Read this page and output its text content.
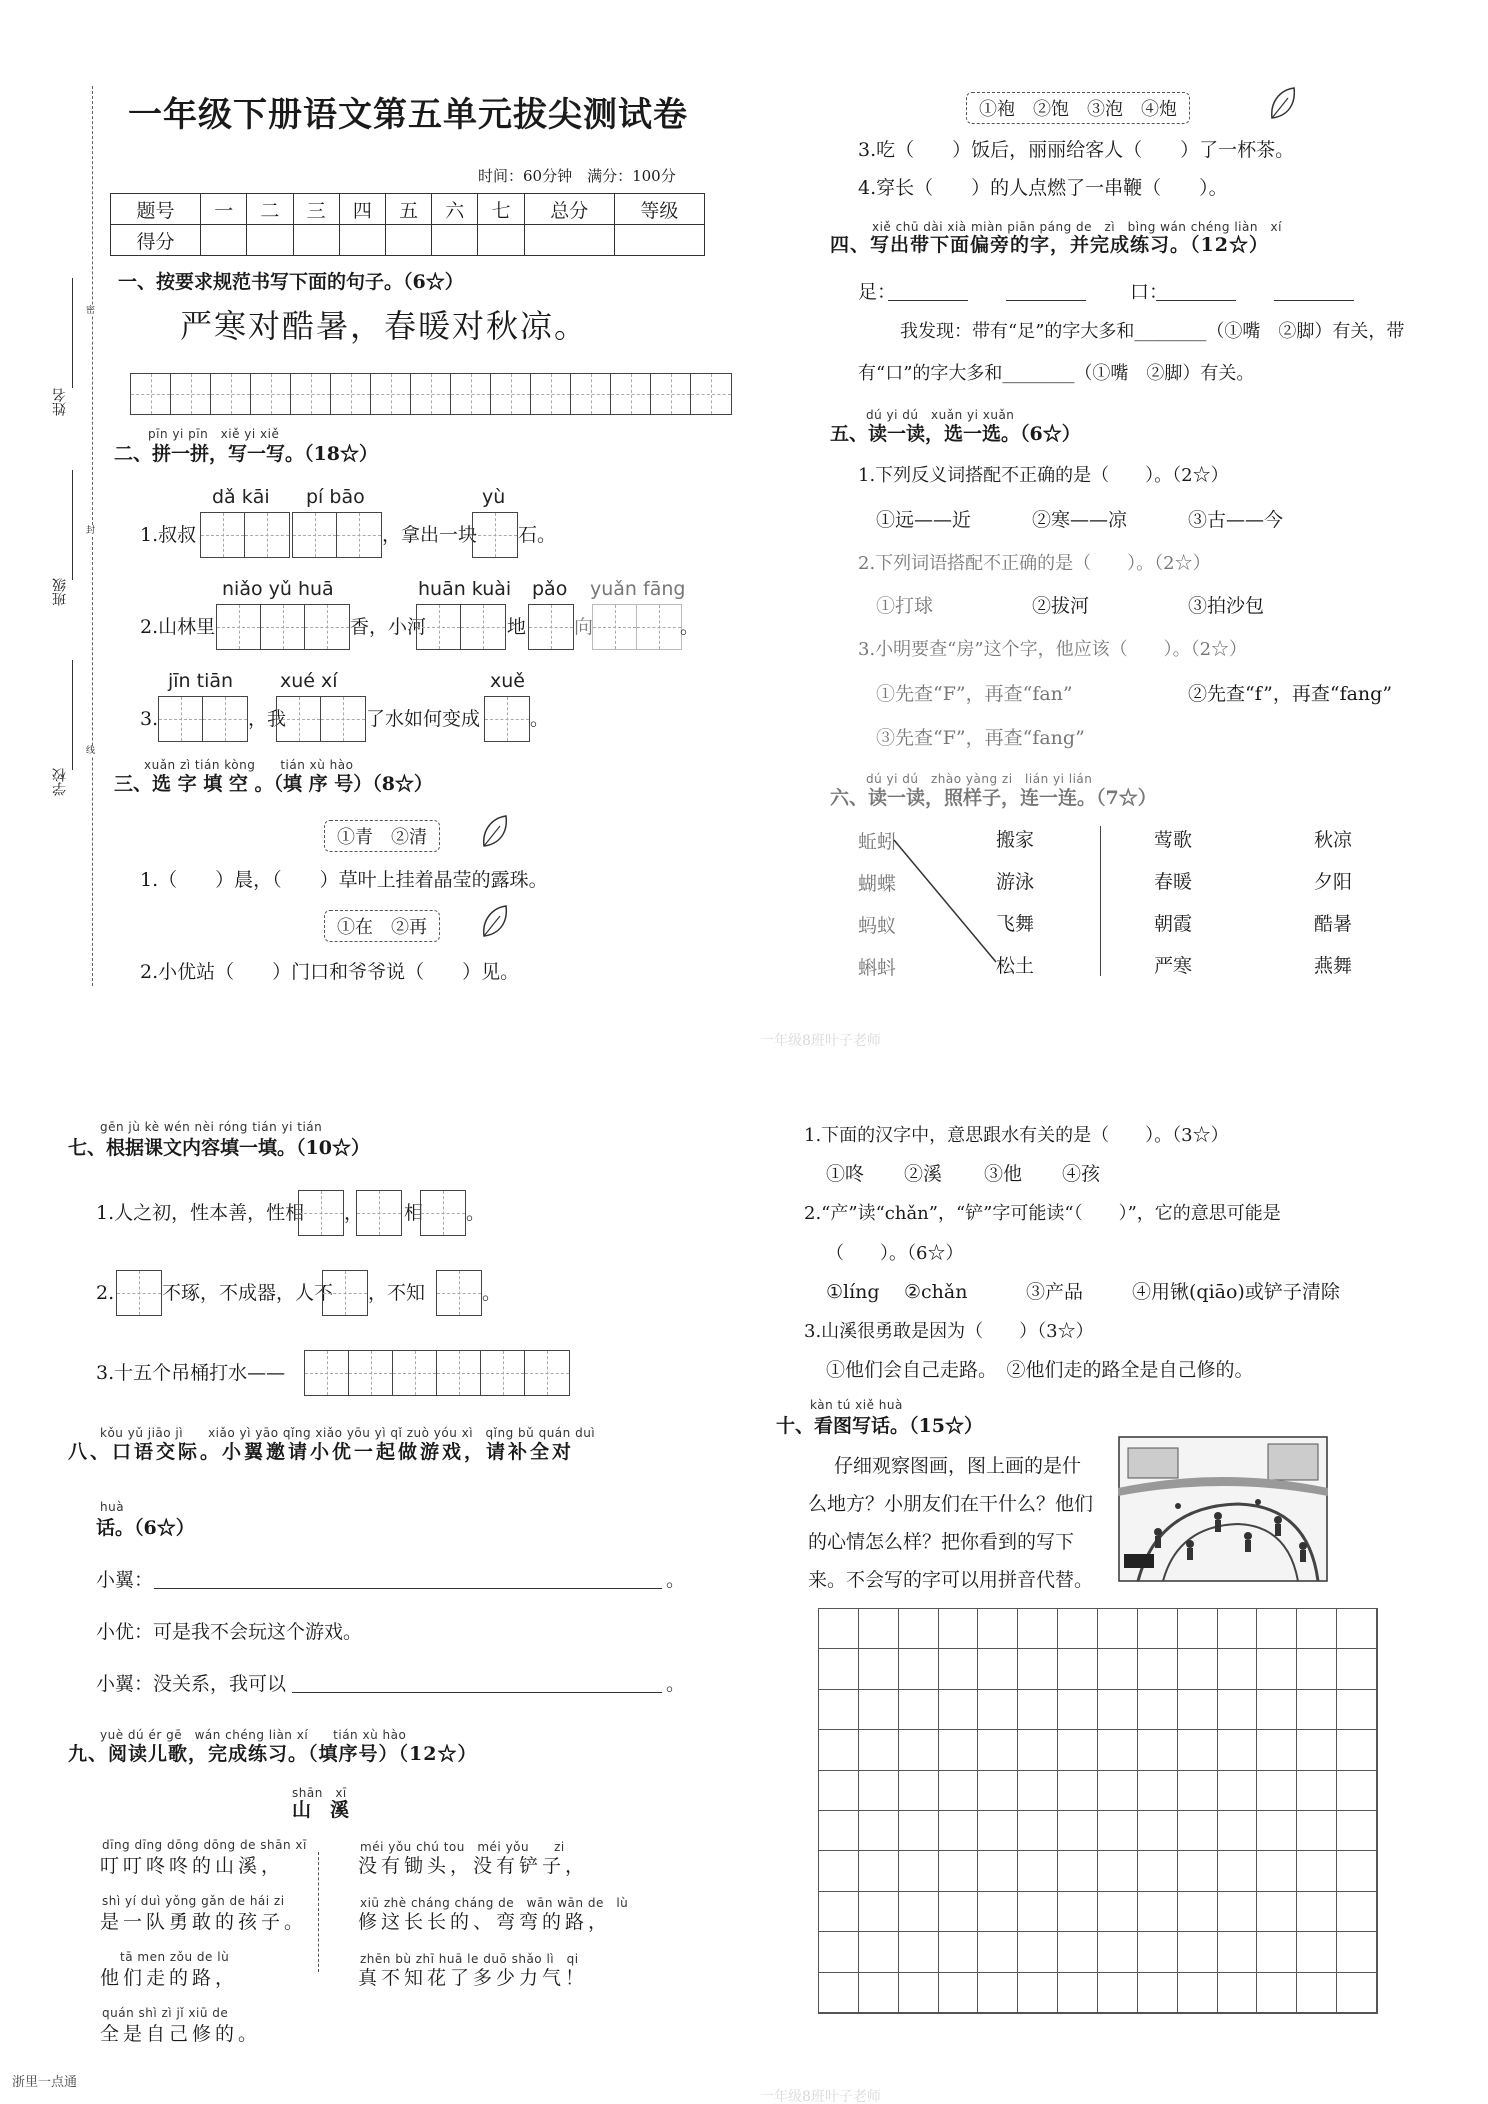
一年级下册语文第五单元拔尖测试卷
时间：60分钟　满分：100分
题号	一	二	三	四	五	六	七	总分	等级
得分									
姓名
班级
学校
密
封
线
一、按要求规范书写下面的句子。（6☆）
严寒对酷暑，春暖对秋凉。
pīn yi pīn　xiě yi xiě
二、拼一拼，写一写。（18☆）
dǎ kāi pí bāo	yù
1.叔叔	，拿出一块 石。
niǎo yǔ huā	huān kuài pǎo yuǎn fāng
2.山林里	香，小河	地	向	。
jīn tiān xué xí	xuě
3.	，我	了水如何变成	。
xuǎn zì tián kòng　　tián xù hào
三、选 字 填 空 。（填 序 号）（8☆）
①青　②清
1.（　　）晨，（　　）草叶上挂着晶莹的露珠。
①在　②再
2.小优站（　　）门口和爷爷说（　　）见。
①袍　②饱　③泡　④炮
3.吃（　　）饭后，丽丽给客人（　　）了一杯茶。
4.穿长（　　）的人点燃了一串鞭（　　）。
xiě chū dài xià miàn piān páng de　zì　bìng wán chéng liàn　xí
四、写出带下面偏旁的字，并完成练习。（12☆）
足：	口：
我发现：带有“足”的字大多和________（①嘴　②脚）有关，带
有“口”的字大多和________（①嘴　②脚）有关。
dú yi dú　xuǎn yi xuǎn
五、读一读，选一选。（6☆）
1.下列反义词搭配不正确的是（　　）。（2☆）
①远——近	②寒——凉	③古——今
2.下列词语搭配不正确的是（　　）。（2☆）
①打球	②拔河	③拍沙包
3.小明要查“房”这个字，他应该（　　）。（2☆）
①先查“F”，再查“fan”	②先查“f”，再查“fang”
③先查“F”，再查“fang”
dú yi dú　zhào yàng zi　lián yi lián
六、读一读，照样子，连一连。（7☆）
蚯蚓
蝴蝶
蚂蚁
蝌蚪
搬家
游泳
飞舞
松土
莺歌
春暖
朝霞
严寒
秋凉
夕阳
酷暑
燕舞
一年级8班叶子老师
gēn jù kè wén nèi róng tián yi tián
七、根据课文内容填一填。（10☆）
1.人之初，性本善，性相 ， 相 。
2.	不琢，不成器，人不 ，不知	。
3.十五个吊桶打水——
kǒu yǔ jiāo jì　　xiǎo yì yāo qǐng xiǎo yōu yì qǐ zuò yóu xì　qǐng bǔ quán duì
八、口语交际。小翼邀请小优一起做游戏，请补全对
huà
话。（6☆）
小翼：	。
小优：可是我不会玩这个游戏。
小翼：没关系，我可以	。
yuè dú ér gē　wán chéng liàn xí　　tián xù hào
九、阅读儿歌，完成练习。（填序号）（12☆）
shān　xī
山　溪
dīng dīng dōng dōng de shān xī
叮叮咚咚的山溪，
shì yí duì yǒng gǎn de hái zi
是一队勇敢的孩子。
tā men zǒu de lù
他们走的路，
quán shì zì jǐ xiū de
全是自己修的。
méi yǒu chú tou　méi yǒu　　zi
没有锄头，没有铲子，
xiū zhè cháng cháng de　wān wān de　lù
修这长长的、弯弯的路，
zhēn bù zhī huā le duō shǎo lì　qi
真不知花了多少力气！
浙里一点通
1.下面的汉字中，意思跟水有关的是（　　）。（3☆）
①咚 ②溪 ③他 ④孩
2.“产”读“chǎn”，“铲”字可能读“（　　）”，它的意思可能是
（　　）。（6☆）
①líng ②chǎn	③产品	④用锹(qiāo)或铲子清除
3.山溪很勇敢是因为（　　）（3☆）
①他们会自己走路。　②他们走的路全是自己修的。
kàn tú xiě huà
十、看图写话。（15☆）
仔细观察图画，图上画的是什
么地方？小朋友们在干什么？他们
的心情怎么样？把你看到的写下
来。不会写的字可以用拼音代替。
一年级8班叶子老师
